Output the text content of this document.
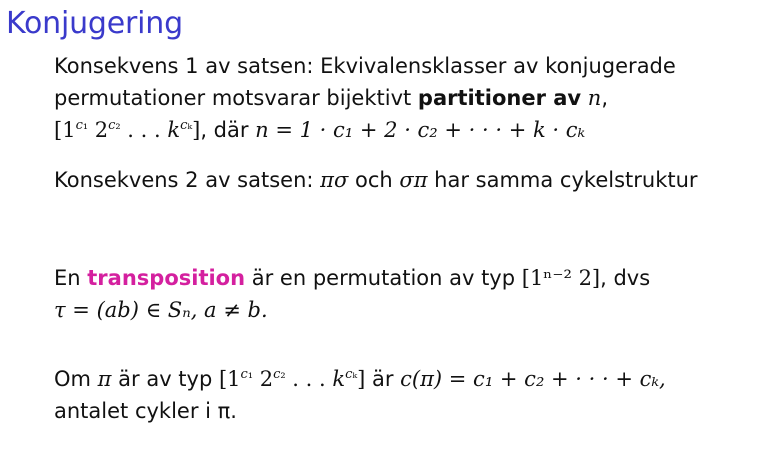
Konjugering
Konsekvens 1 av satsen: Ekvivalensklasser av konjugerade
permutationer motsvarar bijektivt partitioner av n,
[$1^{c_1}$ $2^{c_2}$ . . . $k^{c_k}$], där n = 1 · c₁ + 2 · c₂ + · · · + k · cₖ
Konsekvens 2 av satsen: πσ och σπ har samma cykelstruktur
En transposition är en permutation av typ [1ⁿ⁻² 2], dvs
τ = (ab) ∈ Sₙ, a ≠ b.
Om π är av typ [$1^{c_1}$ $2^{c_2}$ . . . $k^{c_k}$] är c(π) = c₁ + c₂ + · · · + cₖ,
antalet cykler i π.
